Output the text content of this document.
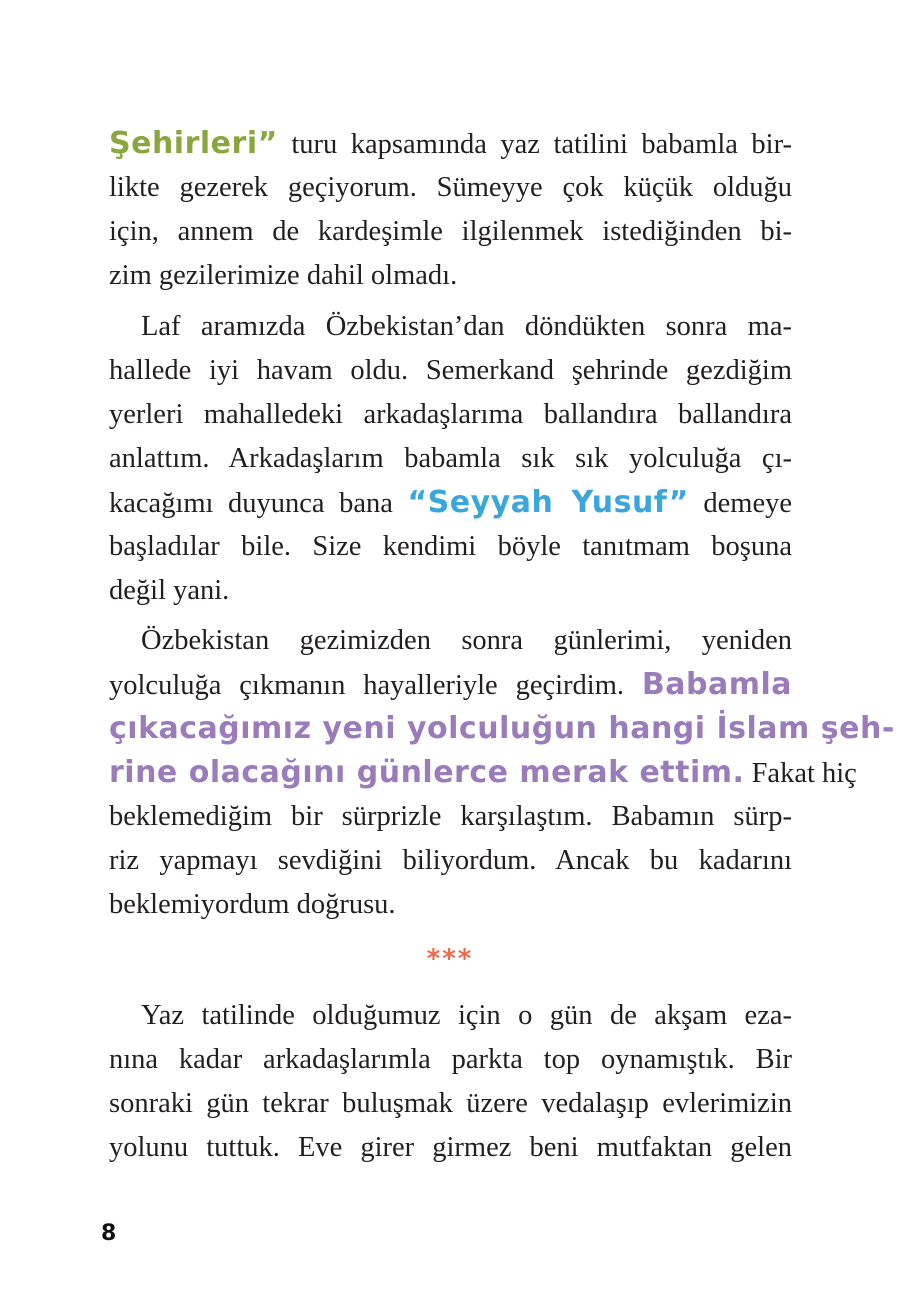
Şehirleri” turu kapsamında yaz tatilini babamla bir-
likte gezerek geçiyorum. Sümeyye çok küçük olduğu
için, annem de kardeşimle ilgilenmek istediğinden bi-
zim gezilerimize dahil olmadı.
Laf aramızda Özbekistan’dan döndükten sonra ma-
hallede iyi havam oldu. Semerkand şehrinde gezdiğim
yerleri mahalledeki arkadaşlarıma ballandıra ballandıra
anlattım. Arkadaşlarım babamla sık sık yolculuğa çı-
kacağımı duyunca bana “Seyyah Yusuf” demeye
başladılar bile. Size kendimi böyle tanıtmam boşuna
değil yani.
Özbekistan gezimizden sonra günlerimi, yeniden
yolculuğa çıkmanın hayalleriyle geçirdim. Babamla
çıkacağımız yeni yolculuğun hangi İslam şeh-
rine olacağını günlerce merak ettim. Fakat hiç
beklemediğim bir sürprizle karşılaştım. Babamın sürp-
riz yapmayı sevdiğini biliyordum. Ancak bu kadarını
beklemiyordum doğrusu.
***
Yaz tatilinde olduğumuz için o gün de akşam eza-
nına kadar arkadaşlarımla parkta top oynamıştık. Bir
sonraki gün tekrar buluşmak üzere vedalaşıp evlerimizin
yolunu tuttuk. Eve girer girmez beni mutfaktan gelen
8
